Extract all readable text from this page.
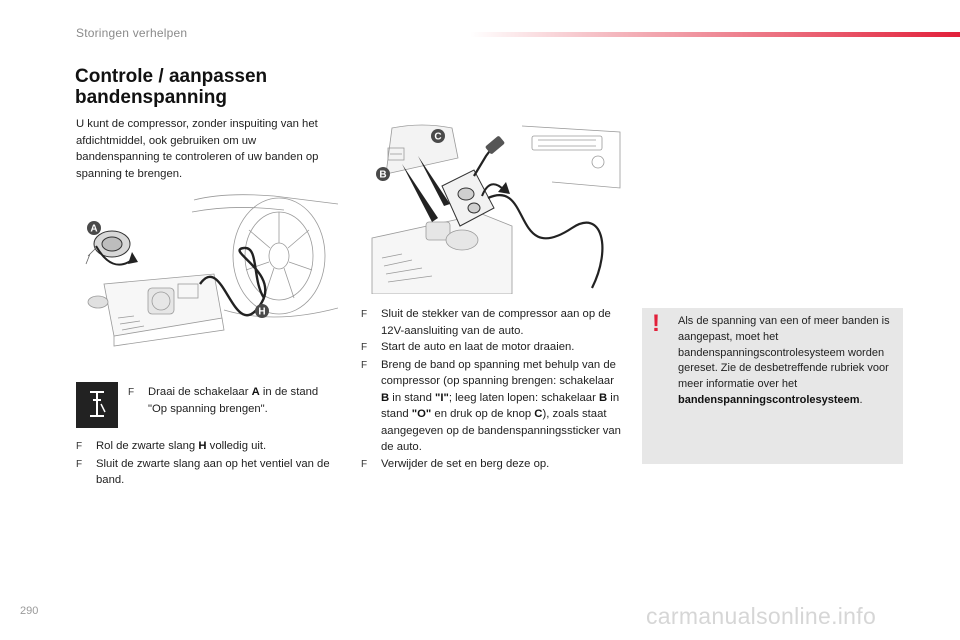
Storingen verhelpen
Controle / aanpassen
bandenspanning
U kunt de compressor, zonder inspuiting van het afdichtmiddel, ook gebruiken om uw bandenspanning te controleren of uw banden op spanning te brengen.
A
H
C
B
F	Draai de schakelaar A in de stand "Op spanning brengen".
F	Rol de zwarte slang H volledig uit.
F	Sluit de zwarte slang aan op het ventiel van de band.
F	Sluit de stekker van de compressor aan op de 12V-aansluiting van de auto.
F	Start de auto en laat de motor draaien.
F	Breng de band op spanning met behulp van de compressor (op spanning brengen: schakelaar B in stand "I"; leeg laten lopen: schakelaar B in stand "O" en druk op de knop C), zoals staat aangegeven op de bandenspanningssticker van de auto.
F	Verwijder de set en berg deze op.
! Als de spanning van een of meer banden is aangepast, moet het bandenspanningscontrolesysteem worden gereset. Zie de desbetreffende rubriek voor meer informatie over het bandenspanningscontrolesysteem.
290	carmanualsonline.info
